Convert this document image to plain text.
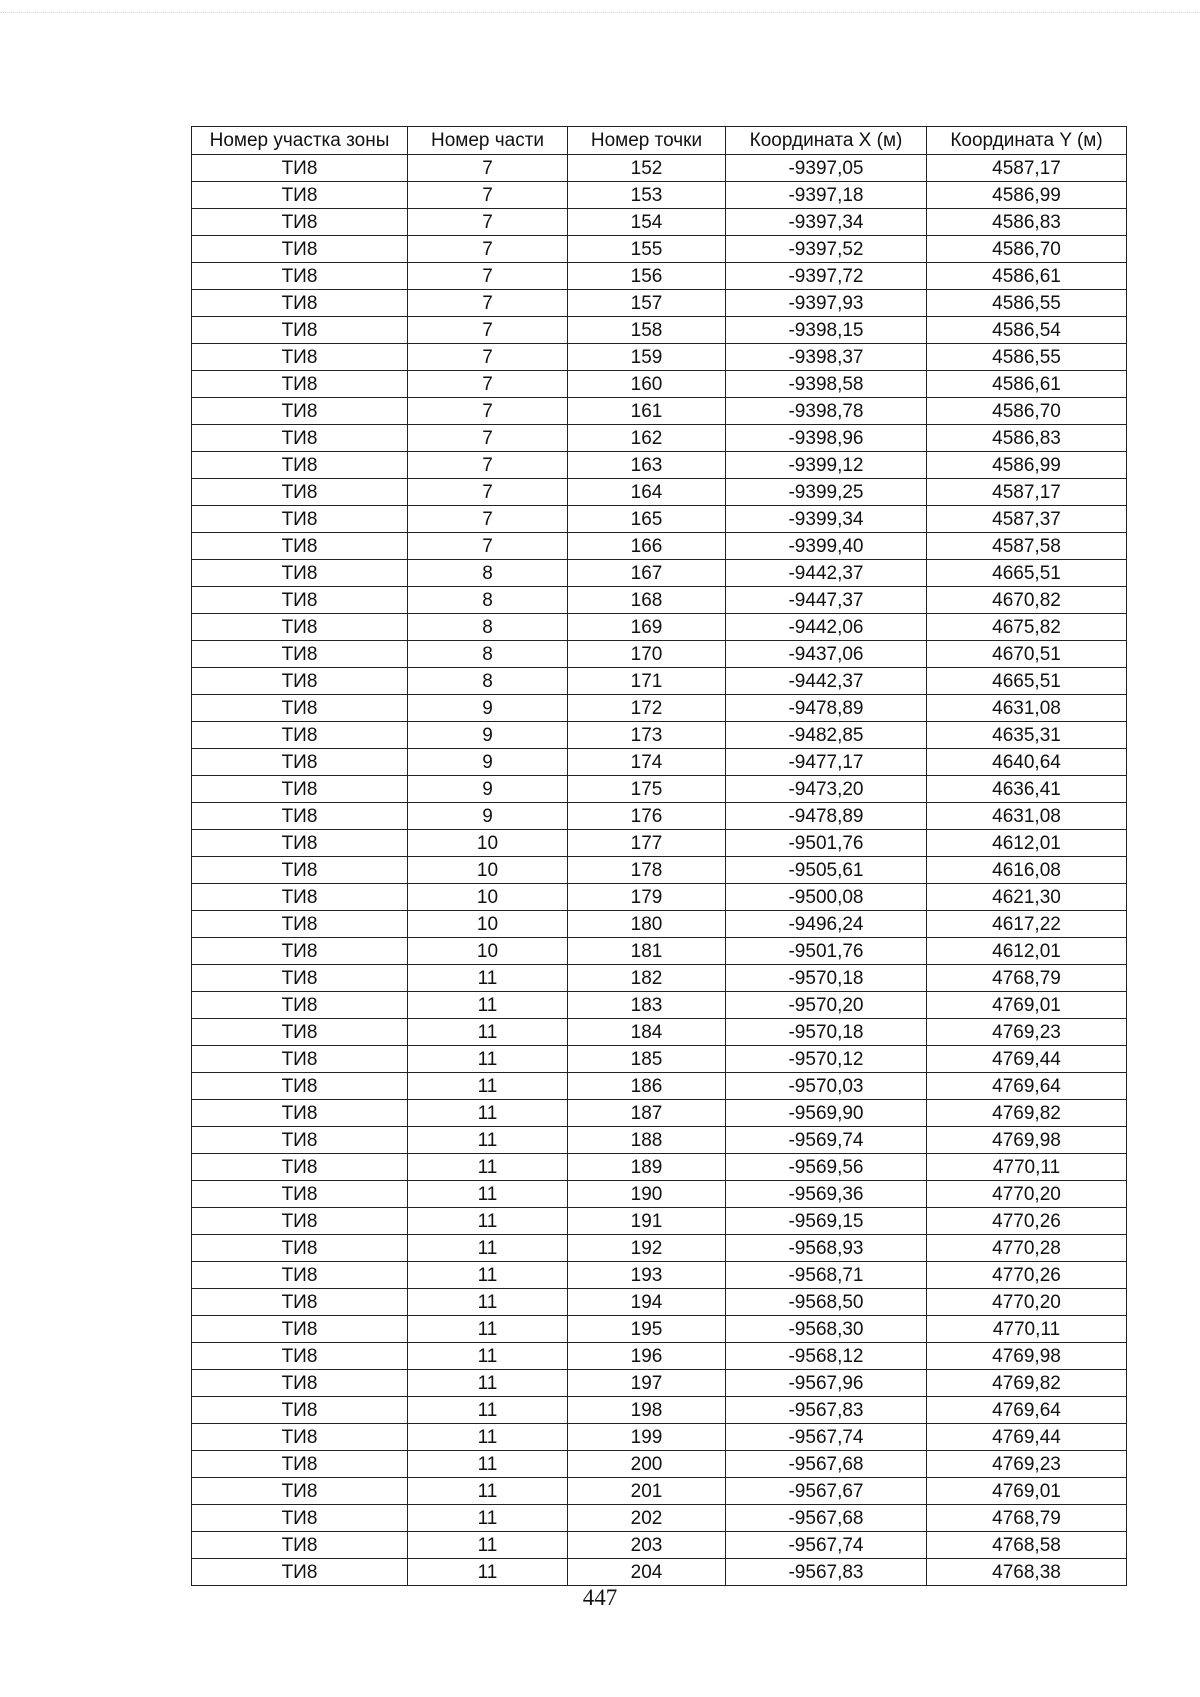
Номер участка зоны	Номер части	Номер точки	Координата X (м)	Координата Y (м)
ТИ8	7	152	-9397,05	4587,17
ТИ8	7	153	-9397,18	4586,99
ТИ8	7	154	-9397,34	4586,83
ТИ8	7	155	-9397,52	4586,70
ТИ8	7	156	-9397,72	4586,61
ТИ8	7	157	-9397,93	4586,55
ТИ8	7	158	-9398,15	4586,54
ТИ8	7	159	-9398,37	4586,55
ТИ8	7	160	-9398,58	4586,61
ТИ8	7	161	-9398,78	4586,70
ТИ8	7	162	-9398,96	4586,83
ТИ8	7	163	-9399,12	4586,99
ТИ8	7	164	-9399,25	4587,17
ТИ8	7	165	-9399,34	4587,37
ТИ8	7	166	-9399,40	4587,58
ТИ8	8	167	-9442,37	4665,51
ТИ8	8	168	-9447,37	4670,82
ТИ8	8	169	-9442,06	4675,82
ТИ8	8	170	-9437,06	4670,51
ТИ8	8	171	-9442,37	4665,51
ТИ8	9	172	-9478,89	4631,08
ТИ8	9	173	-9482,85	4635,31
ТИ8	9	174	-9477,17	4640,64
ТИ8	9	175	-9473,20	4636,41
ТИ8	9	176	-9478,89	4631,08
ТИ8	10	177	-9501,76	4612,01
ТИ8	10	178	-9505,61	4616,08
ТИ8	10	179	-9500,08	4621,30
ТИ8	10	180	-9496,24	4617,22
ТИ8	10	181	-9501,76	4612,01
ТИ8	11	182	-9570,18	4768,79
ТИ8	11	183	-9570,20	4769,01
ТИ8	11	184	-9570,18	4769,23
ТИ8	11	185	-9570,12	4769,44
ТИ8	11	186	-9570,03	4769,64
ТИ8	11	187	-9569,90	4769,82
ТИ8	11	188	-9569,74	4769,98
ТИ8	11	189	-9569,56	4770,11
ТИ8	11	190	-9569,36	4770,20
ТИ8	11	191	-9569,15	4770,26
ТИ8	11	192	-9568,93	4770,28
ТИ8	11	193	-9568,71	4770,26
ТИ8	11	194	-9568,50	4770,20
ТИ8	11	195	-9568,30	4770,11
ТИ8	11	196	-9568,12	4769,98
ТИ8	11	197	-9567,96	4769,82
ТИ8	11	198	-9567,83	4769,64
ТИ8	11	199	-9567,74	4769,44
ТИ8	11	200	-9567,68	4769,23
ТИ8	11	201	-9567,67	4769,01
ТИ8	11	202	-9567,68	4768,79
ТИ8	11	203	-9567,74	4768,58
ТИ8	11	204	-9567,83	4768,38
447
